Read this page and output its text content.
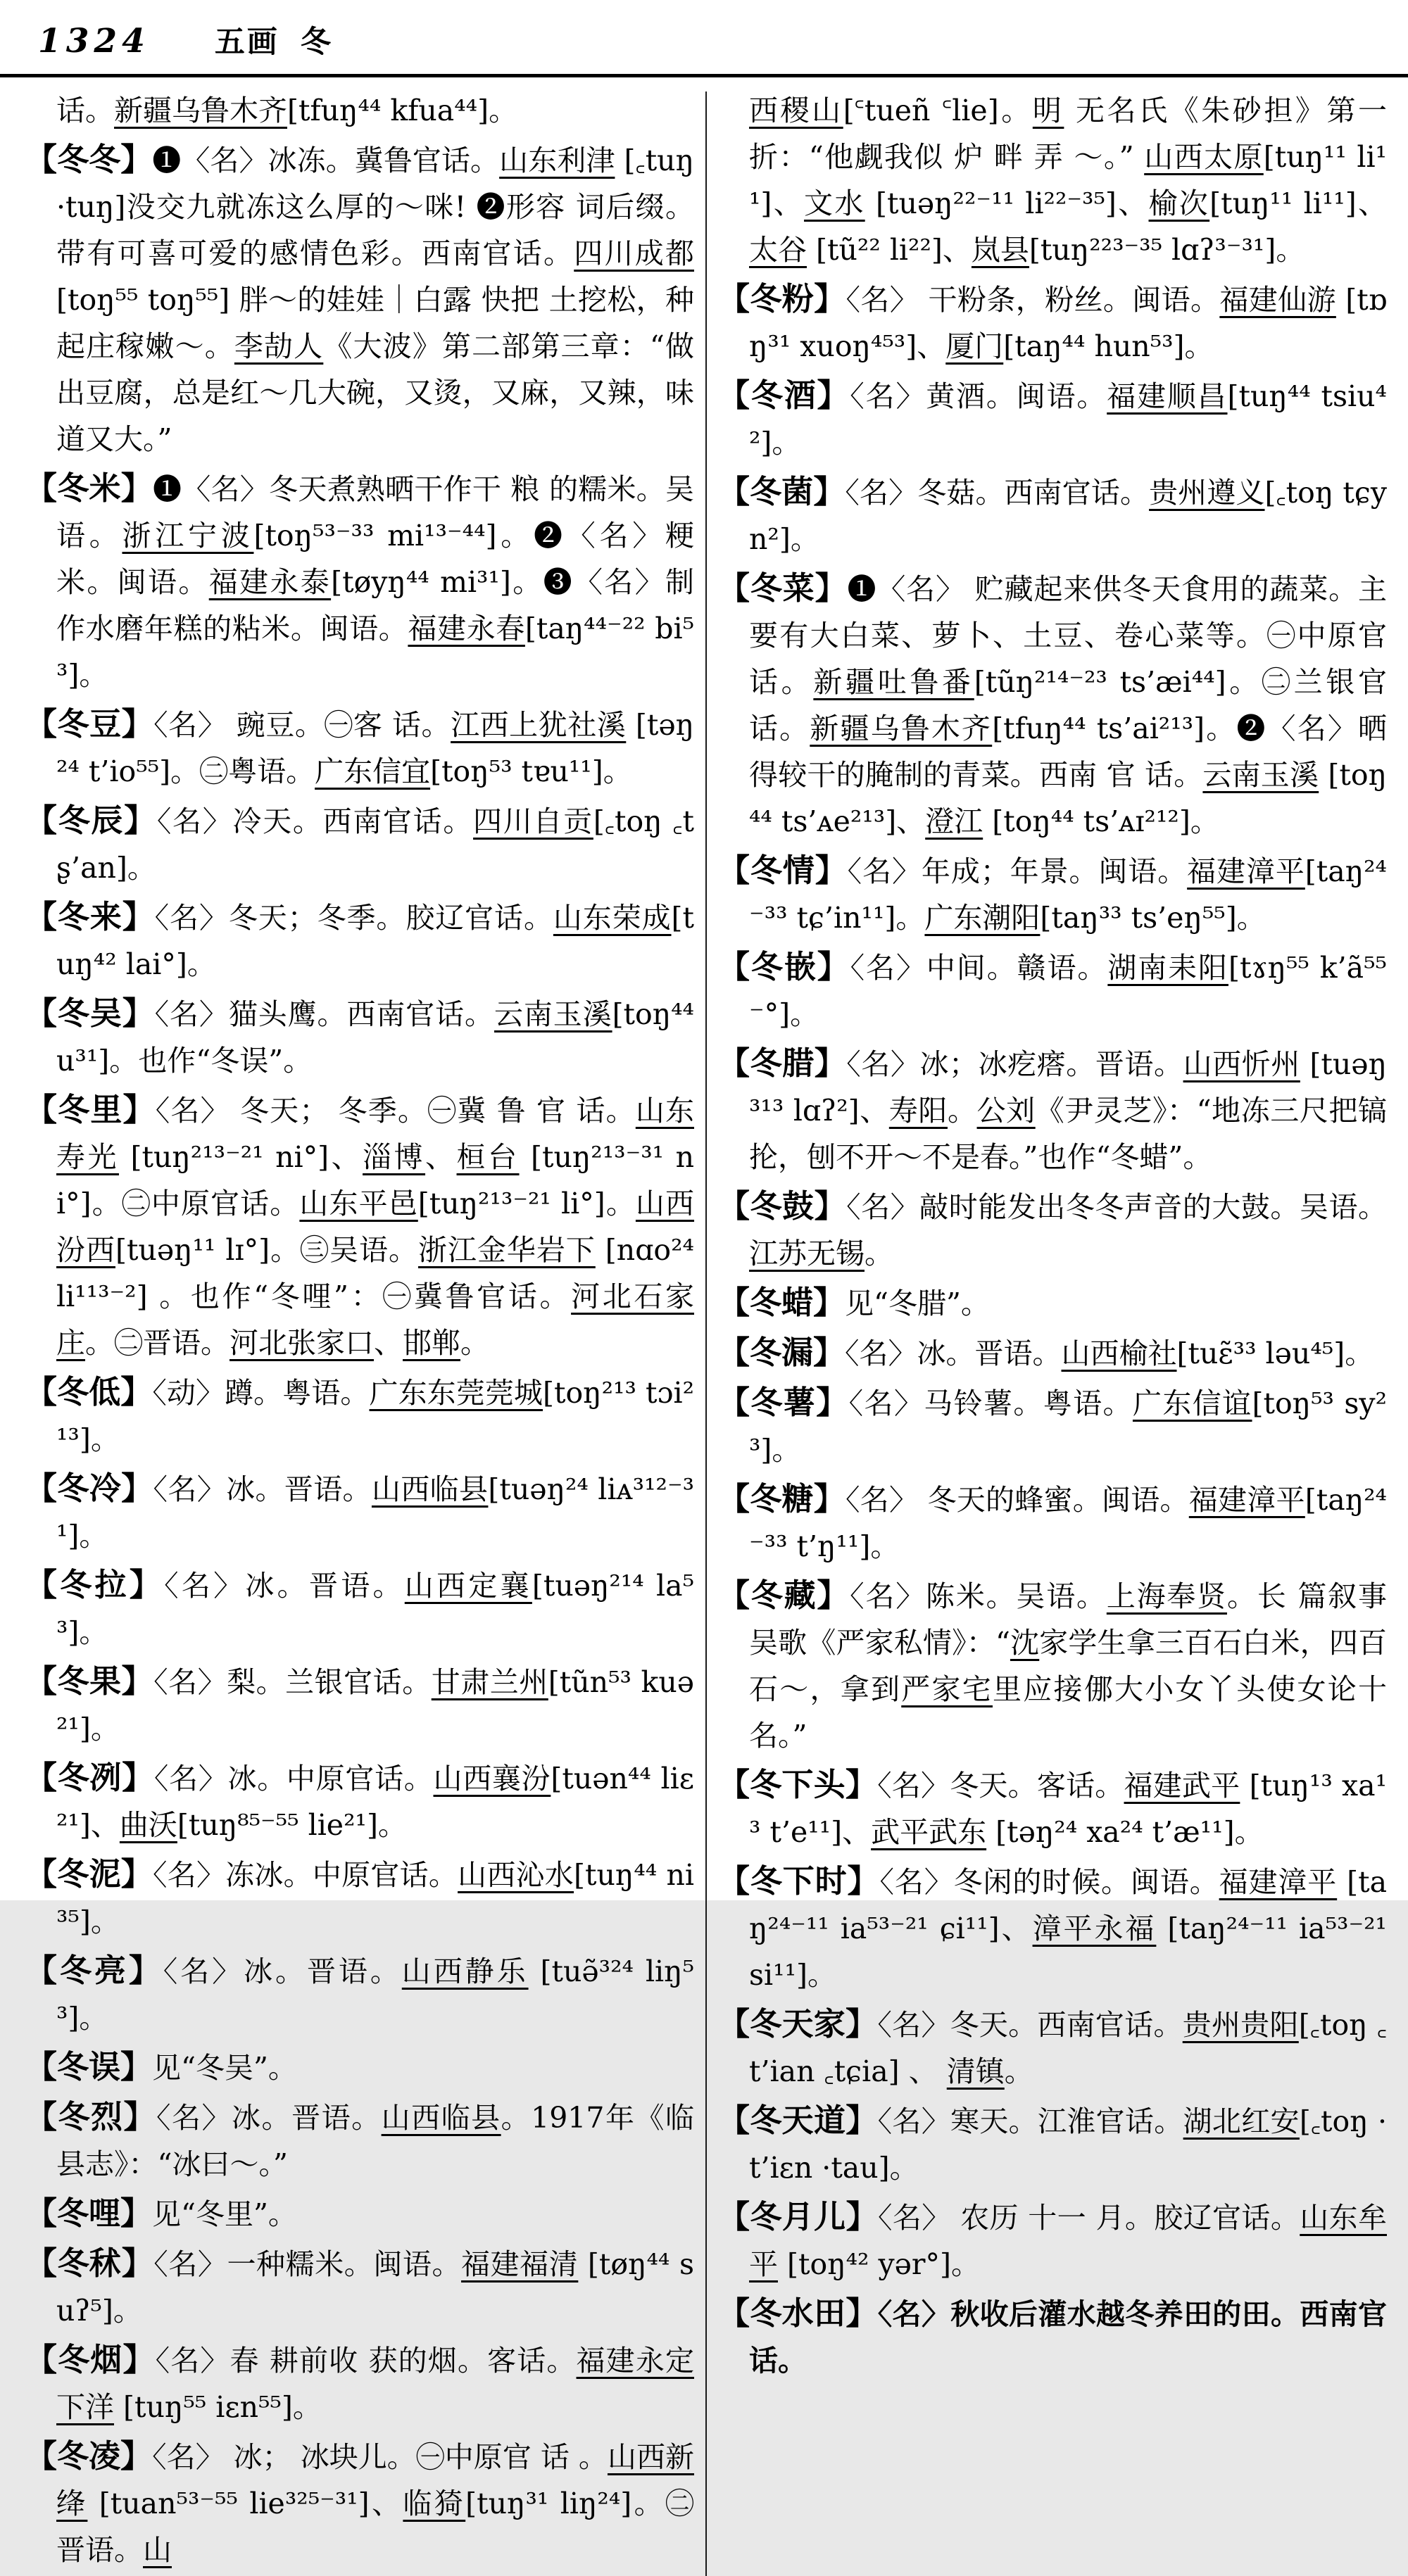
1324 五画 冬

话。新疆乌鲁木齐[tfuŋ⁴⁴ kfua⁴⁴]。

【冬冬】❶〈名〉冰冻。冀鲁官话。山东利津 [꜀tuŋ ·tuŋ]没交九就冻这么厚的～咪! ❷形容 词后缀。带有可喜可爱的感情色彩。西南官话。四川成都 [toŋ⁵⁵ toŋ⁵⁵] 胖～的娃娃｜白露 快把 土挖松，种起庄稼嫩～。李劼人《大波》第二部第三章：“做出豆腐，总是红～几大碗，又烫，又麻，又辣，味道又大。”

【冬米】❶〈名〉冬天煮熟晒干作干 粮 的糯米。吴语。浙江宁波[toŋ⁵³⁻³³ mi¹³⁻⁴⁴]。❷〈名〉粳米。闽语。福建永泰[tøyŋ⁴⁴ mi³¹]。❸〈名〉制作水磨年糕的粘米。闽语。福建永春[taŋ⁴⁴⁻²² bi⁵³]。

【冬豆】〈名〉 豌豆。㊀客 话。江西上犹社溪 [təŋ²⁴ t’io⁵⁵]。㊁粤语。广东信宜[toŋ⁵³ tɐu¹¹]。

【冬辰】〈名〉冷天。西南官话。四川自贡[꜀toŋ ꜀tʂ’an]。

【冬来】〈名〉冬天；冬季。胶辽官话。山东荣成[tuŋ⁴² lai°]。

【冬吴】〈名〉猫头鹰。西南官话。云南玉溪[toŋ⁴⁴ u³¹]。也作“冬误”。

【冬里】〈名〉 冬天； 冬季。㊀冀 鲁 官 话。山东寿光 [tuŋ²¹³⁻²¹ ni°]、淄博、桓台 [tuŋ²¹³⁻³¹ ni°]。㊁中原官话。山东平邑[tuŋ²¹³⁻²¹ li°]。山西汾西[tuəŋ¹¹ lɪ°]。㊂吴语。浙江金华岩下 [nɑo²⁴ li¹¹³⁻²] 。也作“冬哩”：㊀冀鲁官话。河北石家庄。㊁晋语。河北张家口、邯郸。

【冬低】〈动〉蹲。粤语。广东东莞莞城[toŋ²¹³ tɔi²¹³]。

【冬冷】〈名〉冰。晋语。山西临县[tuəŋ²⁴ liᴀ³¹²⁻³¹]。

【冬拉】〈名〉冰。晋语。山西定襄[tuəŋ²¹⁴ la⁵³]。

【冬果】〈名〉梨。兰银官话。甘肃兰州[tũn⁵³ kuə²¹]。

【冬冽】〈名〉冰。中原官话。山西襄汾[tuən⁴⁴ liɛ²¹]、曲沃[tuŋ⁸⁵⁻⁵⁵ lie²¹]。

【冬泥】〈名〉冻冰。中原官话。山西沁水[tuŋ⁴⁴ ni³⁵]。

【冬亮】〈名〉冰。晋语。山西静乐 [tuə̃³²⁴ liŋ⁵³]。

【冬误】见“冬吴”。

【冬烈】〈名〉冰。晋语。山西临县。1917年《临县志》：“冰曰～。”

【冬哩】见“冬里”。

【冬秫】〈名〉一种糯米。闽语。福建福清 [tøŋ⁴⁴ suʔ⁵]。

【冬烟】〈名〉春 耕前收 获的烟。客话。福建永定下洋 [tuŋ⁵⁵ iɛn⁵⁵]。

【冬凌】〈名〉 冰； 冰块儿。㊀中原官 话 。山西新绛 [tuan⁵³⁻⁵⁵ lie³²⁵⁻³¹]、临猗[tuŋ³¹ liŋ²⁴]。㊁晋语。山

西稷山[꜂tueñ ꜂lie]。明 无名氏《朱砂担》第一折：“他觑我似 炉 畔 弄 ～。” 山西太原[tuŋ¹¹ li¹¹]、文水 [tuəŋ²²⁻¹¹ li²²⁻³⁵]、榆次[tuŋ¹¹ li¹¹]、太谷 [tũ²² li²²]、岚县[tuŋ²²³⁻³⁵ lɑʔ³⁻³¹]。

【冬粉】〈名〉 干粉条，粉丝。闽语。福建仙游 [tɒŋ³¹ xuoŋ⁴⁵³]、厦门[taŋ⁴⁴ hun⁵³]。

【冬酒】〈名〉黄酒。闽语。福建顺昌[tuŋ⁴⁴ tsiu⁴²]。

【冬菌】〈名〉冬菇。西南官话。贵州遵义[꜀toŋ tɕyn²]。

【冬菜】❶〈名〉 贮藏起来供冬天食用的蔬菜。主要有大白菜、萝卜、土豆、卷心菜等。㊀中原官话。新疆吐鲁番[tũŋ²¹⁴⁻²³ ts’æi⁴⁴]。㊁兰银官话。新疆乌鲁木齐[tfuŋ⁴⁴ ts’ai²¹³]。❷〈名〉晒得较干的腌制的青菜。西南 官 话。云南玉溪 [toŋ⁴⁴ ts’ᴀe²¹³]、澄江 [toŋ⁴⁴ ts’ᴀɪ²¹²]。

【冬情】〈名〉年成；年景。闽语。福建漳平[taŋ²⁴⁻³³ tɕ’in¹¹]。广东潮阳[taŋ³³ ts’eŋ⁵⁵]。

【冬嵌】〈名〉中间。赣语。湖南耒阳[tɤŋ⁵⁵ k’ã⁵⁵⁻°]。

【冬腊】〈名〉冰；冰疙瘩。晋语。山西忻州 [tuəŋ³¹³ lɑʔ²]、寿阳。公刘《尹灵芝》：“地冻三尺把镐抡，刨不开～不是春。”也作“冬蜡”。

【冬鼓】〈名〉敲时能发出冬冬声音的大鼓。吴语。江苏无锡。

【冬蜡】见“冬腊”。

【冬漏】〈名〉冰。晋语。山西榆社[tuɛ̃³³ ləu⁴⁵]。

【冬薯】〈名〉马铃薯。粤语。广东信谊[toŋ⁵³ sy²³]。

【冬糖】〈名〉 冬天的蜂蜜。闽语。福建漳平[taŋ²⁴⁻³³ t’ŋ¹¹]。

【冬藏】〈名〉陈米。吴语。上海奉贤。长 篇叙事吴歌《严家私情》：“沈家学生拿三百石白米，四百石～，拿到严家宅里应接㑚大小女丫头使女论十名。”

【冬下头】〈名〉冬天。客话。福建武平 [tuŋ¹³ xa¹³ t’e¹¹]、武平武东 [təŋ²⁴ xa²⁴ t’æ¹¹]。

【冬下时】〈名〉冬闲的时候。闽语。福建漳平 [taŋ²⁴⁻¹¹ ia⁵³⁻²¹ ɕi¹¹]、漳平永福 [taŋ²⁴⁻¹¹ ia⁵³⁻²¹ si¹¹]。

【冬天家】〈名〉冬天。西南官话。贵州贵阳[꜀toŋ ꜀t’ian ꜀tɕia] 、 清镇。

【冬天道】〈名〉寒天。江淮官话。湖北红安[꜀toŋ ·t’iɛn ·tau]。

【冬月儿】〈名〉 农历 十一 月。胶辽官话。山东牟平 [toŋ⁴² yər°]。

【冬水田】〈名〉秋收后灌水越冬养田的田。西南官话。
